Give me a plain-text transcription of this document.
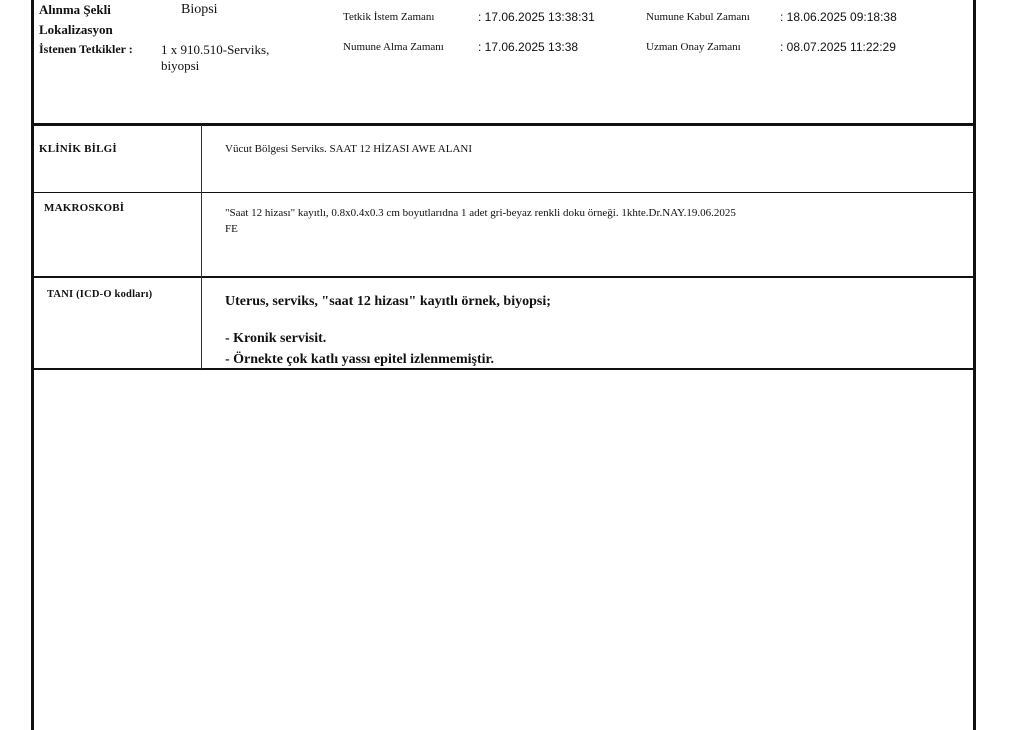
Alınma Şekli	Biopsi
Lokalizasyon
İstenen Tetkikler : 1 x 910.510-Serviks,
biyopsi
Tetkik İstem Zamanı	: 17.06.2025 13:38:31
Numune Alma Zamanı	: 17.06.2025 13:38
Numune Kabul Zamanı	: 18.06.2025 09:18:38
Uzman Onay Zamanı	: 08.07.2025 11:22:29
KLİNİK BİLGİ	Vücut Bölgesi Serviks. SAAT 12 HİZASI AWE ALANI
MAKROSKOBİ	"Saat 12 hizası" kayıtlı, 0.8x0.4x0.3 cm boyutlarıdna 1 adet gri-beyaz renkli doku örneği. 1khte.Dr.NAY.19.06.2025
FE
TANI (ICD-O kodları)	Uterus, serviks, "saat 12 hizası" kayıtlı örnek, biyopsi;
- Kronik servisit.
- Örnekte çok katlı yassı epitel izlenmemiştir.
